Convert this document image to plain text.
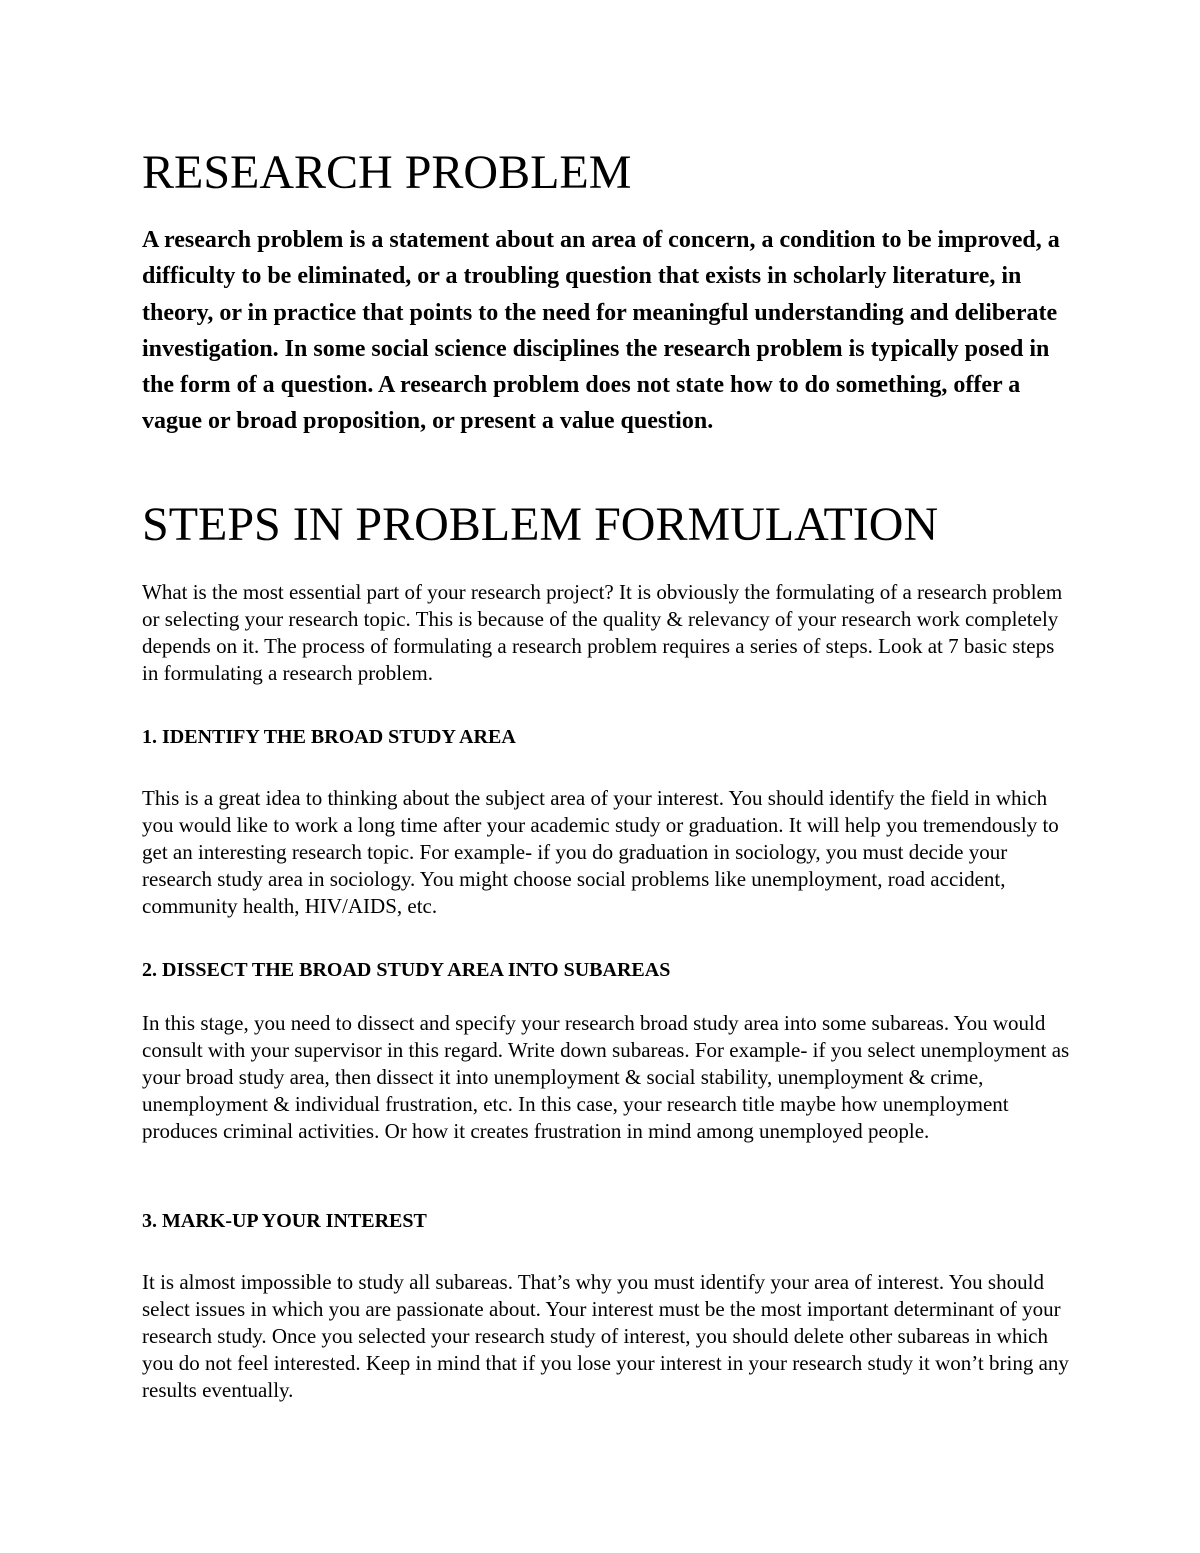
RESEARCH PROBLEM

A research problem is a statement about an area of concern, a condition to be improved, a difficulty to be eliminated, or a troubling question that exists in scholarly literature, in theory, or in practice that points to the need for meaningful understanding and deliberate investigation. In some social science disciplines the research problem is typically posed in the form of a question. A research problem does not state how to do something, offer a vague or broad proposition, or present a value question.

STEPS IN PROBLEM FORMULATION

What is the most essential part of your research project? It is obviously the formulating of a research problem or selecting your research topic. This is because of the quality & relevancy of your research work completely depends on it. The process of formulating a research problem requires a series of steps. Look at 7 basic steps in formulating a research problem.

1. IDENTIFY THE BROAD STUDY AREA

This is a great idea to thinking about the subject area of your interest. You should identify the field in which you would like to work a long time after your academic study or graduation. It will help you tremendously to get an interesting research topic. For example- if you do graduation in sociology, you must decide your research study area in sociology. You might choose social problems like unemployment, road accident, community health, HIV/AIDS, etc.

2. DISSECT THE BROAD STUDY AREA INTO SUBAREAS

In this stage, you need to dissect and specify your research broad study area into some subareas. You would consult with your supervisor in this regard. Write down subareas. For example- if you select unemployment as your broad study area, then dissect it into unemployment & social stability, unemployment & crime, unemployment & individual frustration, etc. In this case, your research title maybe how unemployment produces criminal activities. Or how it creates frustration in mind among unemployed people.

3. MARK-UP YOUR INTEREST

It is almost impossible to study all subareas. That’s why you must identify your area of interest. You should select issues in which you are passionate about. Your interest must be the most important determinant of your research study. Once you selected your research study of interest, you should delete other subareas in which you do not feel interested. Keep in mind that if you lose your interest in your research study it won’t bring any results eventually.
